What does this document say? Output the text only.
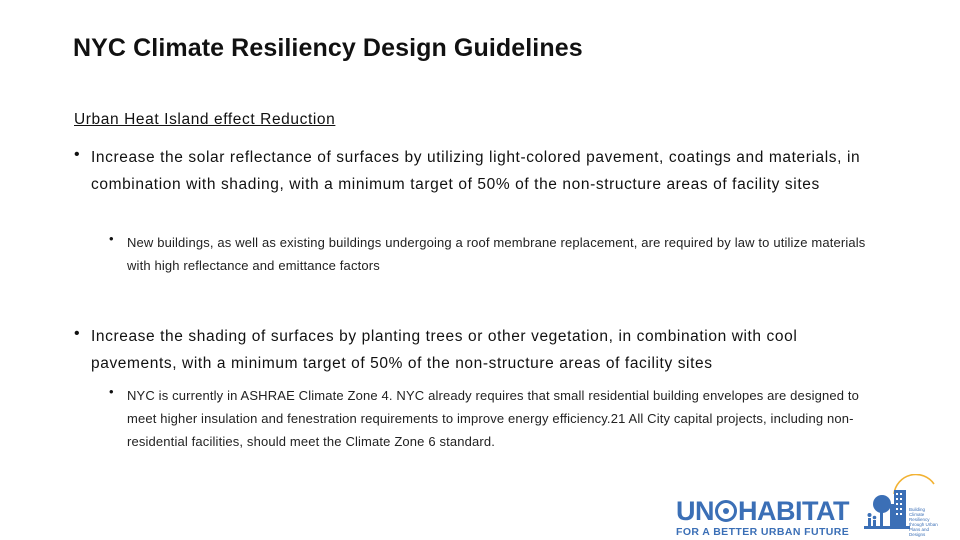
NYC Climate Resiliency Design Guidelines
Urban Heat Island effect Reduction
• Increase the solar reflectance of surfaces by utilizing light-colored pavement, coatings and materials, in combination with shading, with a minimum target of 50% of the non-structure areas of facility sites
• New buildings, as well as existing buildings undergoing a roof membrane replacement, are required by law to utilize materials with high reflectance and emittance factors
• Increase the shading of surfaces by planting trees or other vegetation, in combination with cool pavements, with a minimum target of 50% of the non-structure areas of facility sites
• NYC is currently in ASHRAE Climate Zone 4. NYC already requires that small residential building envelopes are designed to meet higher insulation and fenestration requirements to improve energy efficiency.21 All City capital projects, including non-residential facilities, should meet the Climate Zone 6 standard.
UN HABITAT
FOR A BETTER URBAN FUTURE
Building Climate Resiliency through Urban Plans and Designs
